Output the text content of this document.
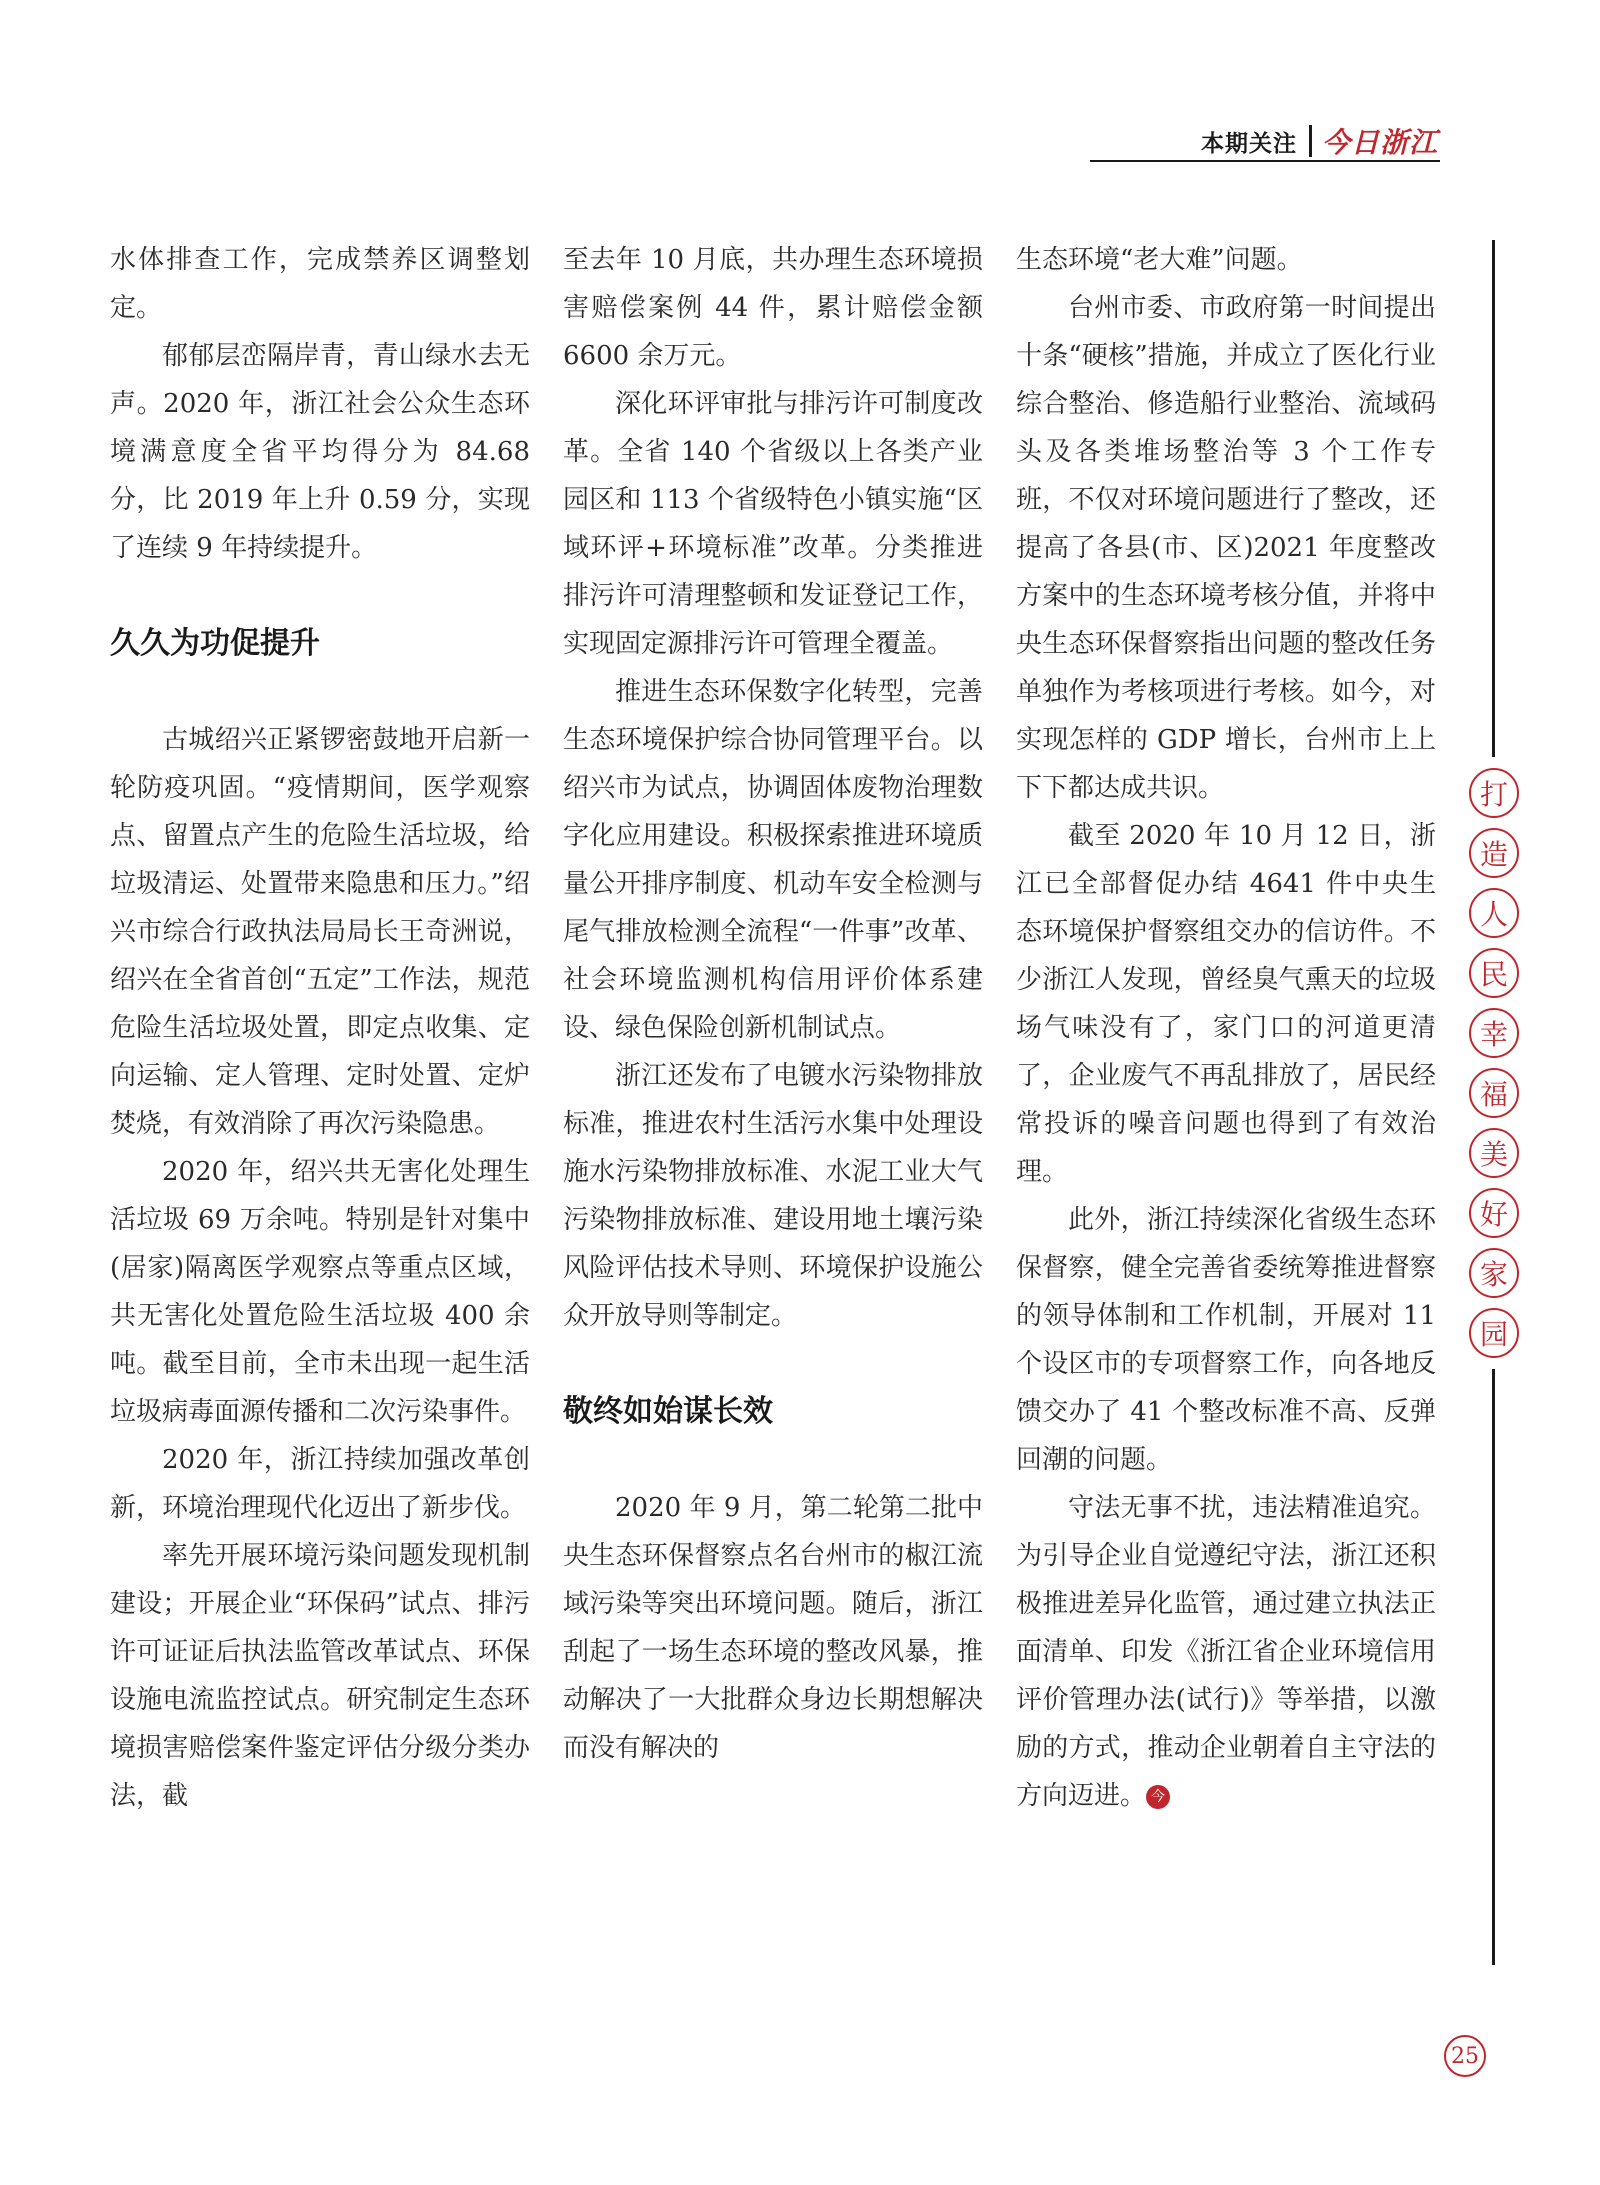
本期关注 今日浙江

水体排查工作，完成禁养区调整划定。

郁郁层峦隔岸青，青山绿水去无声。2020 年，浙江社会公众生态环境满意度全省平均得分为 84.68 分，比 2019 年上升 0.59 分，实现了连续 9 年持续提升。

久久为功促提升

古城绍兴正紧锣密鼓地开启新一轮防疫巩固。“疫情期间，医学观察点、留置点产生的危险生活垃圾，给垃圾清运、处置带来隐患和压力。”绍兴市综合行政执法局局长王奇洲说，绍兴在全省首创“五定”工作法，规范危险生活垃圾处置，即定点收集、定向运输、定人管理、定时处置、定炉焚烧，有效消除了再次污染隐患。

2020 年，绍兴共无害化处理生活垃圾 69 万余吨。特别是针对集中(居家)隔离医学观察点等重点区域，共无害化处置危险生活垃圾 400 余吨。截至目前，全市未出现一起生活垃圾病毒面源传播和二次污染事件。

2020 年，浙江持续加强改革创新，环境治理现代化迈出了新步伐。

率先开展环境污染问题发现机制建设；开展企业“环保码”试点、排污许可证证后执法监管改革试点、环保设施电流监控试点。研究制定生态环境损害赔偿案件鉴定评估分级分类办法，截

至去年 10 月底，共办理生态环境损害赔偿案例 44 件，累计赔偿金额 6600 余万元。

深化环评审批与排污许可制度改革。全省 140 个省级以上各类产业园区和 113 个省级特色小镇实施“区域环评+环境标准”改革。分类推进排污许可清理整顿和发证登记工作，实现固定源排污许可管理全覆盖。

推进生态环保数字化转型，完善生态环境保护综合协同管理平台。以绍兴市为试点，协调固体废物治理数字化应用建设。积极探索推进环境质量公开排序制度、机动车安全检测与尾气排放检测全流程“一件事”改革、社会环境监测机构信用评价体系建设、绿色保险创新机制试点。

浙江还发布了电镀水污染物排放标准，推进农村生活污水集中处理设施水污染物排放标准、水泥工业大气污染物排放标准、建设用地土壤污染风险评估技术导则、环境保护设施公众开放导则等制定。

敬终如始谋长效

2020 年 9 月，第二轮第二批中央生态环保督察点名台州市的椒江流域污染等突出环境问题。随后，浙江刮起了一场生态环境的整改风暴，推动解决了一大批群众身边长期想解决而没有解决的

生态环境“老大难”问题。

台州市委、市政府第一时间提出十条“硬核”措施，并成立了医化行业综合整治、修造船行业整治、流域码头及各类堆场整治等 3 个工作专班，不仅对环境问题进行了整改，还提高了各县(市、区)2021 年度整改方案中的生态环境考核分值，并将中央生态环保督察指出问题的整改任务单独作为考核项进行考核。如今，对实现怎样的 GDP 增长，台州市上上下下都达成共识。

截至 2020 年 10 月 12 日，浙江已全部督促办结 4641 件中央生态环境保护督察组交办的信访件。不少浙江人发现，曾经臭气熏天的垃圾场气味没有了，家门口的河道更清了，企业废气不再乱排放了，居民经常投诉的噪音问题也得到了有效治理。

此外，浙江持续深化省级生态环保督察，健全完善省委统筹推进督察的领导体制和工作机制，开展对 11 个设区市的专项督察工作，向各地反馈交办了 41 个整改标准不高、反弹回潮的问题。

守法无事不扰，违法精准追究。为引导企业自觉遵纪守法，浙江还积极推进差异化监管，通过建立执法正面清单、印发《浙江省企业环境信用评价管理办法(试行)》等举措，以激励的方式，推动企业朝着自主守法的方向迈进。 今

打
造
人
民
幸
福
美
好
家
园
25
